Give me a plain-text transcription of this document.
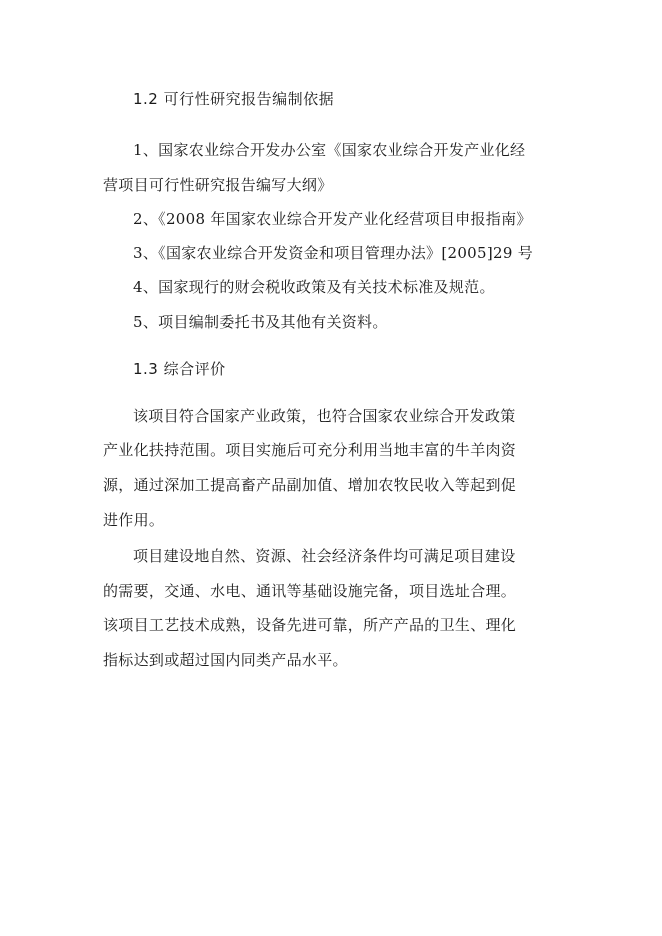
1.2 可行性研究报告编制依据
1、国家农业综合开发办公室《国家农业综合开发产业化经
营项目可行性研究报告编写大纲》
2、《2008 年国家农业综合开发产业化经营项目申报指南》
3、《国家农业综合开发资金和项目管理办法》[2005]29 号
4、国家现行的财会税收政策及有关技术标准及规范。
5、项目编制委托书及其他有关资料。
1.3 综合评价
该项目符合国家产业政策，也符合国家农业综合开发政策
产业化扶持范围。项目实施后可充分利用当地丰富的牛羊肉资
源，通过深加工提高畜产品副加值、增加农牧民收入等起到促
进作用。
项目建设地自然、资源、社会经济条件均可满足项目建设
的需要，交通、水电、通讯等基础设施完备，项目选址合理。
该项目工艺技术成熟，设备先进可靠，所产产品的卫生、理化
指标达到或超过国内同类产品水平。
